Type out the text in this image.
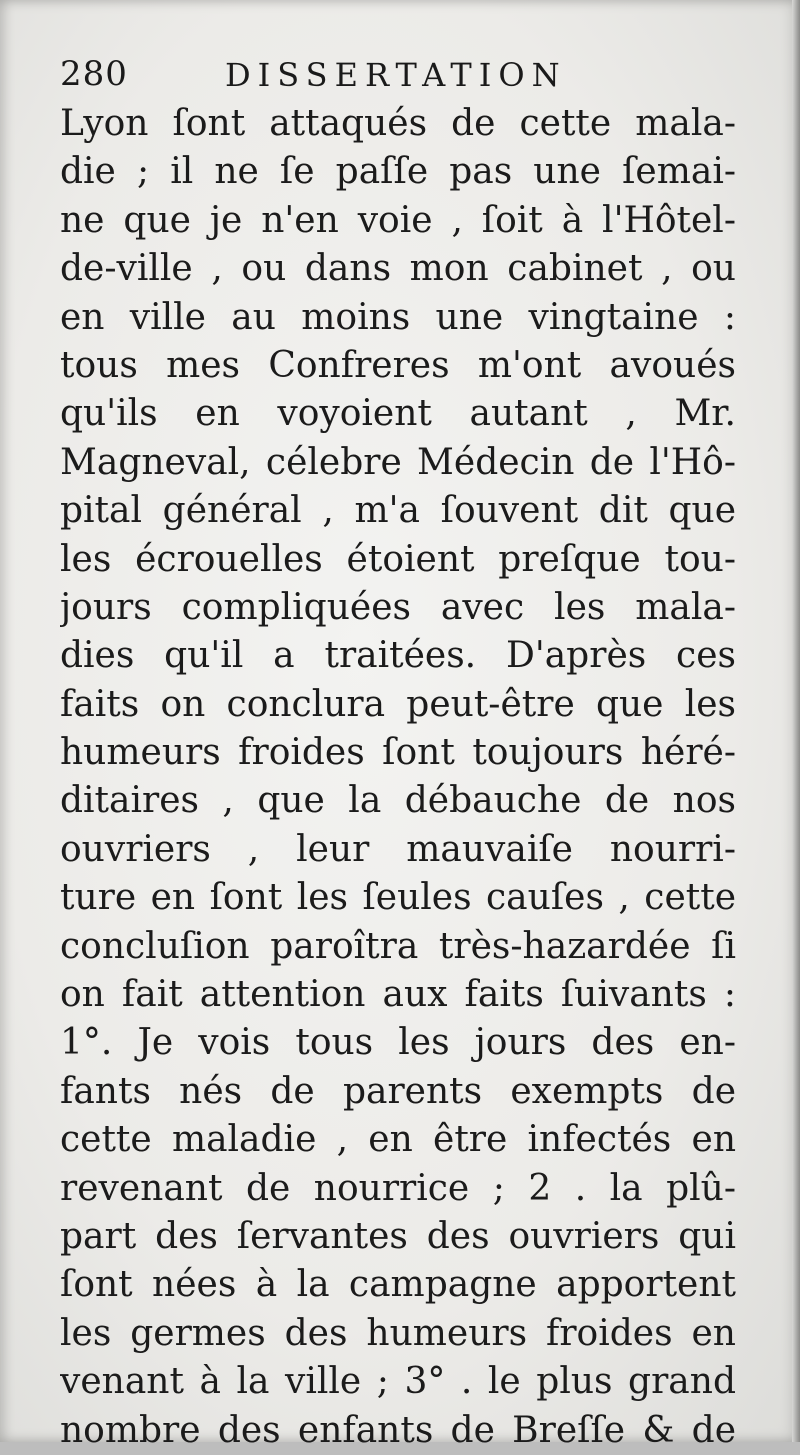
280	DISSERTATION
Lyon ſont attaqués de cette mala-
die ; il ne ſe paſſe pas une ſemai-
ne que je n'en voie , ſoit à l'Hôtel-
de-ville , ou dans mon cabinet , ou
en ville au moins une vingtaine :
tous mes Confreres m'ont avoués
qu'ils en voyoient autant , Mr.
Magneval, célebre Médecin de l'Hô-
pital général , m'a ſouvent dit que
les écrouelles étoient preſque tou-
jours compliquées avec les mala-
dies qu'il a traitées. D'après ces
faits on conclura peut-être que les
humeurs froides ſont toujours héré-
ditaires , que la débauche de nos
ouvriers , leur mauvaiſe nourri-
ture en ſont les ſeules cauſes , cette
concluſion paroîtra très-hazardée ſi
on fait attention aux faits ſuivants :
1°. Je vois tous les jours des en-
fants nés de parents exempts de
cette maladie , en être infectés en
revenant de nourrice ; 2 . la plû-
part des ſervantes des ouvriers qui
ſont nées à la campagne apportent
les germes des humeurs froides en
venant à la ville ; 3° . le plus grand
nombre des enfants de Breſſe & de
